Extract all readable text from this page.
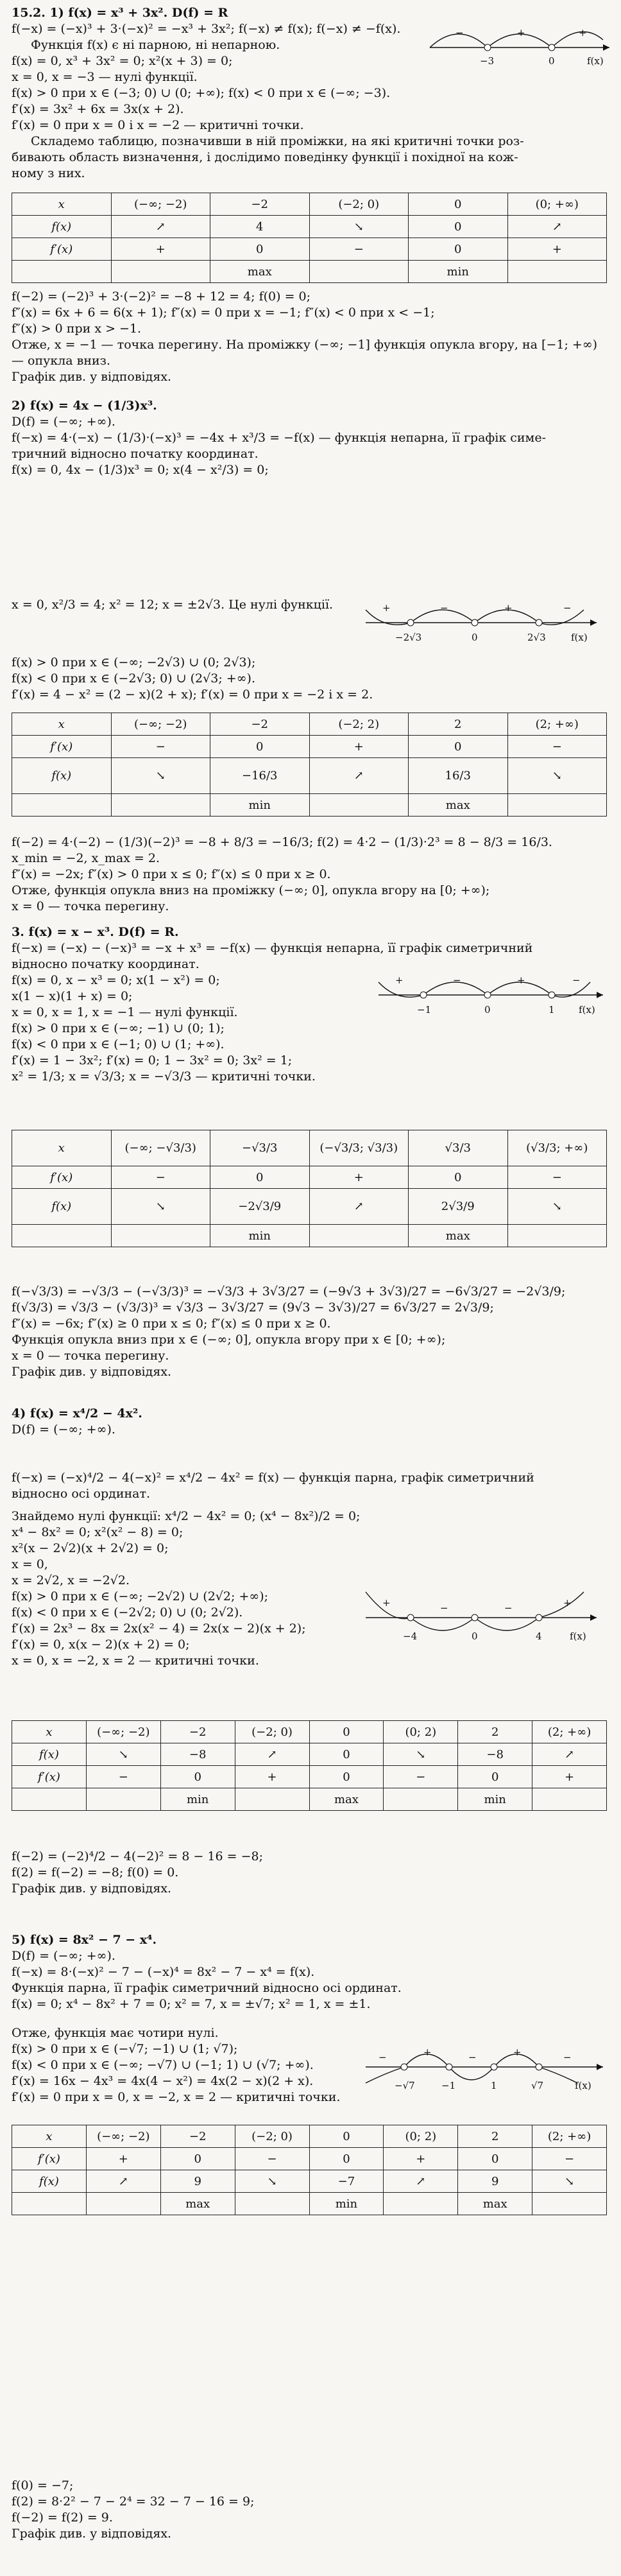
15.2. 1) f(x) = x³ + 3x². D(f) = R
f(−x) = (−x)³ + 3·(−x)² = −x³ + 3x²; f(−x) ≠ f(x); f(−x) ≠ −f(x).
Функція f(x) є ні парною, ні непарною.
f(x) = 0, x³ + 3x² = 0; x²(x + 3) = 0;
x = 0, x = −3 — нулі функції.
f(x) > 0 при x ∈ (−3; 0) ∪ (0; +∞); f(x) < 0 при x ∈ (−∞; −3).
f′(x) = 3x² + 6x = 3x(x + 2).
f′(x) = 0 при x = 0 і x = −2 — критичні точки.
Складемо таблицю, позначивши в ній проміжки, на які критичні точки роз-
бивають область визначення, і дослідимо поведінку функції і похідної на кож-
ному з них.
−	+	+
−3	0	f(x)
x	(−∞; −2)	−2	(−2; 0)	0	(0; +∞)
f(x)	↗	4	↘	0	↗
f′(x)	+	0	−	0	+
		max		min	
f(−2) = (−2)³ + 3·(−2)² = −8 + 12 = 4; f(0) = 0;
f″(x) = 6x + 6 = 6(x + 1); f″(x) = 0 при x = −1; f″(x) < 0 при x < −1;
f″(x) > 0 при x > −1.
Отже, x = −1 — точка перегину. На проміжку (−∞; −1] функція опукла вгору, на [−1; +∞) — опукла вниз.
Графік див. у відповідях.
2) f(x) = 4x − (1/3)x³.
D(f) = (−∞; +∞).
f(−x) = 4·(−x) − (1/3)·(−x)³ = −4x + x³/3 = −f(x) — функція непарна, її графік симе-
тричний відносно початку координат.
f(x) = 0, 4x − (1/3)x³ = 0; x(4 − x²/3) = 0;
x = 0, x²/3 = 4; x² = 12; x = ±2√3. Це нулі функції.	+	−	+	−
−2√3	0	2√3	f(x)
f(x) > 0 при x ∈ (−∞; −2√3) ∪ (0; 2√3);
f(x) < 0 при x ∈ (−2√3; 0) ∪ (2√3; +∞).
f′(x) = 4 − x² = (2 − x)(2 + x); f′(x) = 0 при x = −2 і x = 2.
x	(−∞; −2)	−2	(−2; 2)	2	(2; +∞)
f′(x)	−	0	+	0	−
f(x)	↘	−16/3	↗	16/3	↘
		min		max	
f(−2) = 4·(−2) − (1/3)(−2)³ = −8 + 8/3 = −16/3; f(2) = 4·2 − (1/3)·2³ = 8 − 8/3 = 16/3.
x_min = −2, x_max = 2.
f″(x) = −2x; f″(x) > 0 при x ≤ 0; f″(x) ≤ 0 при x ≥ 0.
Отже, функція опукла вниз на проміжку (−∞; 0], опукла вгору на [0; +∞);
x = 0 — точка перегину.
3. f(x) = x − x³. D(f) = R.
f(−x) = (−x) − (−x)³ = −x + x³ = −f(x) — функція непарна, її графік симетричний
відносно початку координат.
f(x) = 0, x − x³ = 0; x(1 − x²) = 0;
x(1 − x)(1 + x) = 0;
x = 0, x = 1, x = −1 — нулі функції.
f(x) > 0 при x ∈ (−∞; −1) ∪ (0; 1);
f(x) < 0 при x ∈ (−1; 0) ∪ (1; +∞).
f′(x) = 1 − 3x²; f′(x) = 0; 1 − 3x² = 0; 3x² = 1;
x² = 1/3; x = √3/3; x = −√3/3 — критичні точки.
+	−	+	−
−1	0	1 f(x)
x	(−∞; −√3/3)	−√3/3	(−√3/3; √3/3)	√3/3	(√3/3; +∞)
f′(x)	−	0	+	0	−
f(x)	↘	−2√3/9	↗	2√3/9	↘
		min		max	
f(−√3/3) = −√3/3 − (−√3/3)³ = −√3/3 + 3√3/27 = (−9√3 + 3√3)/27 = −6√3/27 = −2√3/9;
f(√3/3) = √3/3 − (√3/3)³ = √3/3 − 3√3/27 = (9√3 − 3√3)/27 = 6√3/27 = 2√3/9;
f″(x) = −6x; f″(x) ≥ 0 при x ≤ 0; f″(x) ≤ 0 при x ≥ 0.
Функція опукла вниз при x ∈ (−∞; 0], опукла вгору при x ∈ [0; +∞);
x = 0 — точка перегину.
Графік див. у відповідях.
4) f(x) = x⁴/2 − 4x².
D(f) = (−∞; +∞).
f(−x) = (−x)⁴/2 − 4(−x)² = x⁴/2 − 4x² = f(x) — функція парна, графік симетричний
відносно осі ординат.
Знайдемо нулі функції: x⁴/2 − 4x² = 0; (x⁴ − 8x²)/2 = 0;
x⁴ − 8x² = 0; x²(x² − 8) = 0;
x²(x − 2√2)(x + 2√2) = 0;
x = 0,
x = 2√2, x = −2√2.
f(x) > 0 при x ∈ (−∞; −2√2) ∪ (2√2; +∞);
f(x) < 0 при x ∈ (−2√2; 0) ∪ (0; 2√2).
f′(x) = 2x³ − 8x = 2x(x² − 4) = 2x(x − 2)(x + 2);
f′(x) = 0, x(x − 2)(x + 2) = 0;
x = 0, x = −2, x = 2 — критичні точки.
+	−	−	+
−4	0	4	f(x)
x	(−∞; −2)	−2	(−2; 0)	0	(0; 2)	2	(2; +∞)
f(x)	↘	−8	↗	0	↘	−8	↗
f′(x)	−	0	+	0	−	0	+
		min		max		min	
f(−2) = (−2)⁴/2 − 4(−2)² = 8 − 16 = −8;
f(2) = f(−2) = −8; f(0) = 0.
Графік див. у відповідях.
5) f(x) = 8x² − 7 − x⁴.
D(f) = (−∞; +∞).
f(−x) = 8·(−x)² − 7 − (−x)⁴ = 8x² − 7 − x⁴ = f(x).
Функція парна, її графік симетричний відносно осі ординат.
f(x) = 0; x⁴ − 8x² + 7 = 0; x² = 7, x = ±√7; x² = 1, x = ±1.
Отже, функція має чотири нулі.
f(x) > 0 при x ∈ (−√7; −1) ∪ (1; √7);
f(x) < 0 при x ∈ (−∞; −√7) ∪ (−1; 1) ∪ (√7; +∞).
f′(x) = 16x − 4x³ = 4x(4 − x²) = 4x(2 − x)(2 + x).
f′(x) = 0 при x = 0, x = −2, x = 2 — критичні точки.
−	+	−	+	−
−√7	−1	1	√7	f(x)
x	(−∞; −2)	−2	(−2; 0)	0	(0; 2)	2	(2; +∞)
f′(x)	+	0	−	0	+	0	−
f(x)	↗	9	↘	−7	↗	9	↘
		max		min		max	
f(0) = −7;
f(2) = 8·2² − 7 − 2⁴ = 32 − 7 − 16 = 9;
f(−2) = f(2) = 9.
Графік див. у відповідях.
